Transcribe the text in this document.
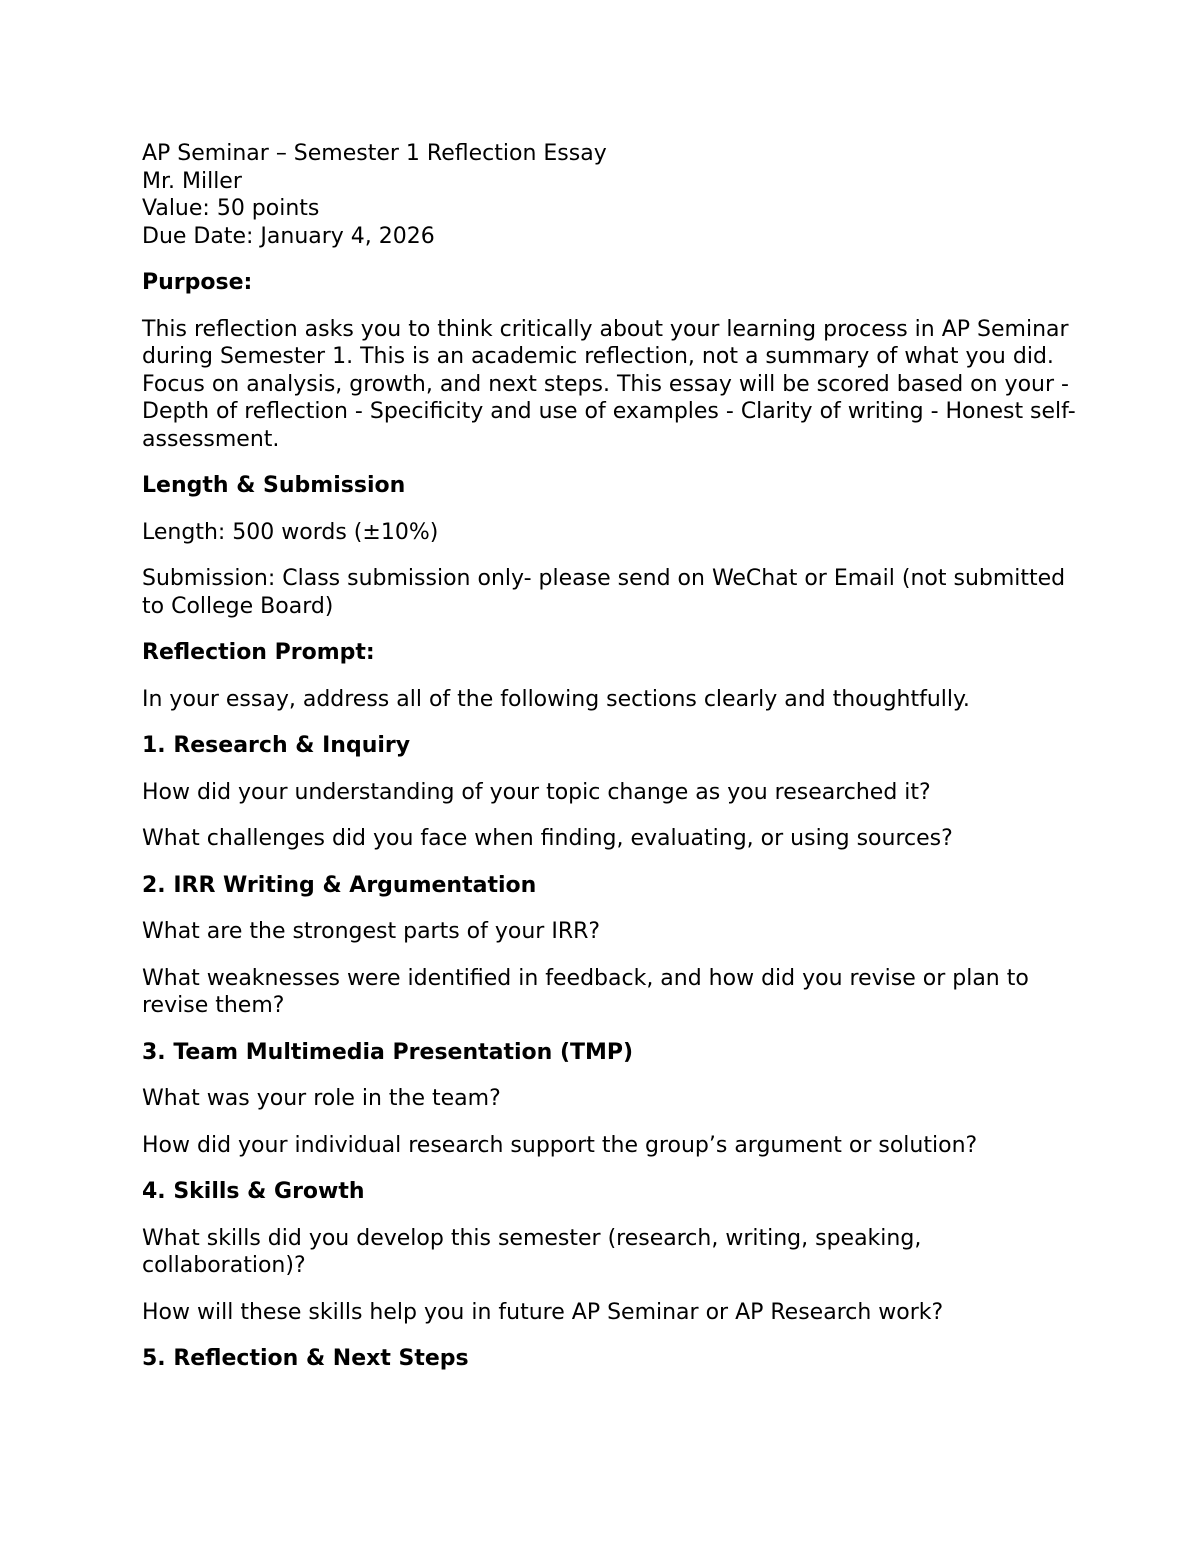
AP Seminar – Semester 1 Reflection Essay

Mr. Miller

Value: 50 points

Due Date: January 4, 2026

Purpose:

This reflection asks you to think critically about your learning process in AP Seminar during Semester 1. This is an academic reflection, not a summary of what you did. Focus on analysis, growth, and next steps. This essay will be scored based on your - Depth of reflection - Specificity and use of examples - Clarity of writing - Honest self-assessment.

Length & Submission

Length: 500 words (±10%)

Submission: Class submission only- please send on WeChat or Email (not submitted to College Board)

Reflection Prompt:

In your essay, address all of the following sections clearly and thoughtfully.

1. Research & Inquiry

How did your understanding of your topic change as you researched it?

What challenges did you face when finding, evaluating, or using sources?

2. IRR Writing & Argumentation

What are the strongest parts of your IRR?

What weaknesses were identified in feedback, and how did you revise or plan to revise them?

3. Team Multimedia Presentation (TMP)

What was your role in the team?

How did your individual research support the group’s argument or solution?

4. Skills & Growth

What skills did you develop this semester (research, writing, speaking, collaboration)?

How will these skills help you in future AP Seminar or AP Research work?

5. Reflection & Next Steps
